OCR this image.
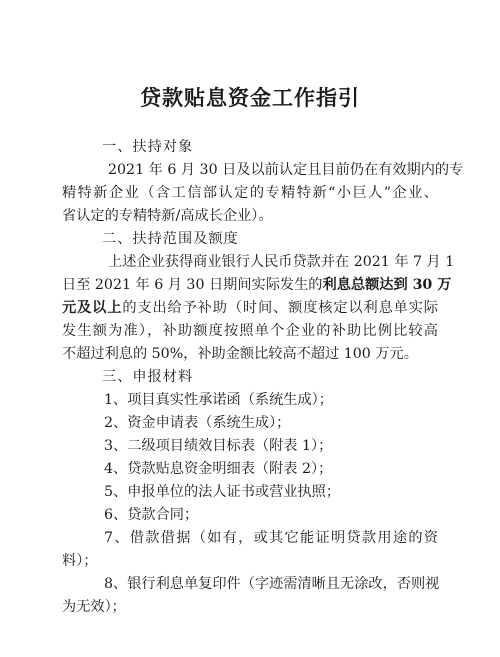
贷款贴息资金工作指引
一、扶持对象
2021 年 6 月 30 日及以前认定且目前仍在有效期内的专
精特新企业（含工信部认定的专精特新“小巨人”企业、
省认定的专精特新/高成长企业）。
二、扶持范围及额度
上述企业获得商业银行人民币贷款并在 2021 年 7 月 1
日至 2021 年 6 月 30 日期间实际发生的利息总额达到 30 万
元及以上的支出给予补助（时间、额度核定以利息单实际
发生额为准），补助额度按照单个企业的补助比例比较高
不超过利息的 50%，补助金额比较高不超过 100 万元。
三、申报材料
1、项目真实性承诺函（系统生成）；
2、资金申请表（系统生成）；
3、二级项目绩效目标表（附表 1）；
4、贷款贴息资金明细表（附表 2）；
5、申报单位的法人证书或营业执照；
6、贷款合同；
7、借款借据（如有，或其它能证明贷款用途的资
料）；
8、银行利息单复印件（字迹需清晰且无涂改，否则视
为无效）；
